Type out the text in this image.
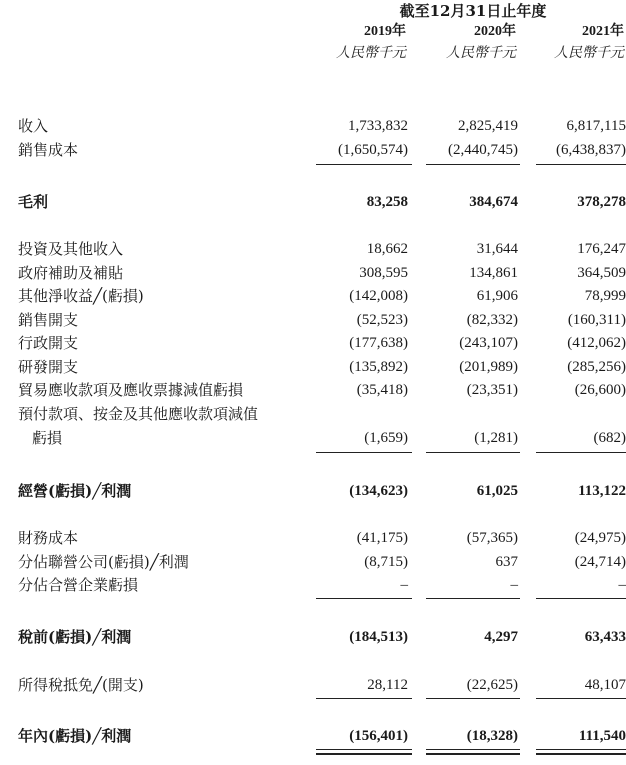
截至12月31日止年度
2019年	2020年	2021年
人民幣千元	人民幣千元	人民幣千元
收入	1,733,832	2,825,419	6,817,115
銷售成本	(1,650,574)	(2,440,745)	(6,438,837)
毛利	83,258	384,674	378,278
投資及其他收入	18,662	31,644	176,247
政府補助及補貼	308,595	134,861	364,509
其他淨收益╱(虧損)	(142,008)	61,906	78,999
銷售開支	(52,523)	(82,332)	(160,311)
行政開支	(177,638)	(243,107)	(412,062)
研發開支	(135,892)	(201,989)	(285,256)
貿易應收款項及應收票據減值虧損	(35,418)	(23,351)	(26,600)
預付款項、按金及其他應收款項減值
虧損	(1,659)	(1,281)	(682)
經營(虧損)╱利潤	(134,623)	61,025	113,122
財務成本	(41,175)	(57,365)	(24,975)
分佔聯營公司(虧損)╱利潤	(8,715)	637	(24,714)
分佔合營企業虧損	–	–	–
稅前(虧損)╱利潤	(184,513)	4,297	63,433
所得稅抵免╱(開支)	28,112	(22,625)	48,107
年內(虧損)╱利潤	(156,401)	(18,328)	111,540
